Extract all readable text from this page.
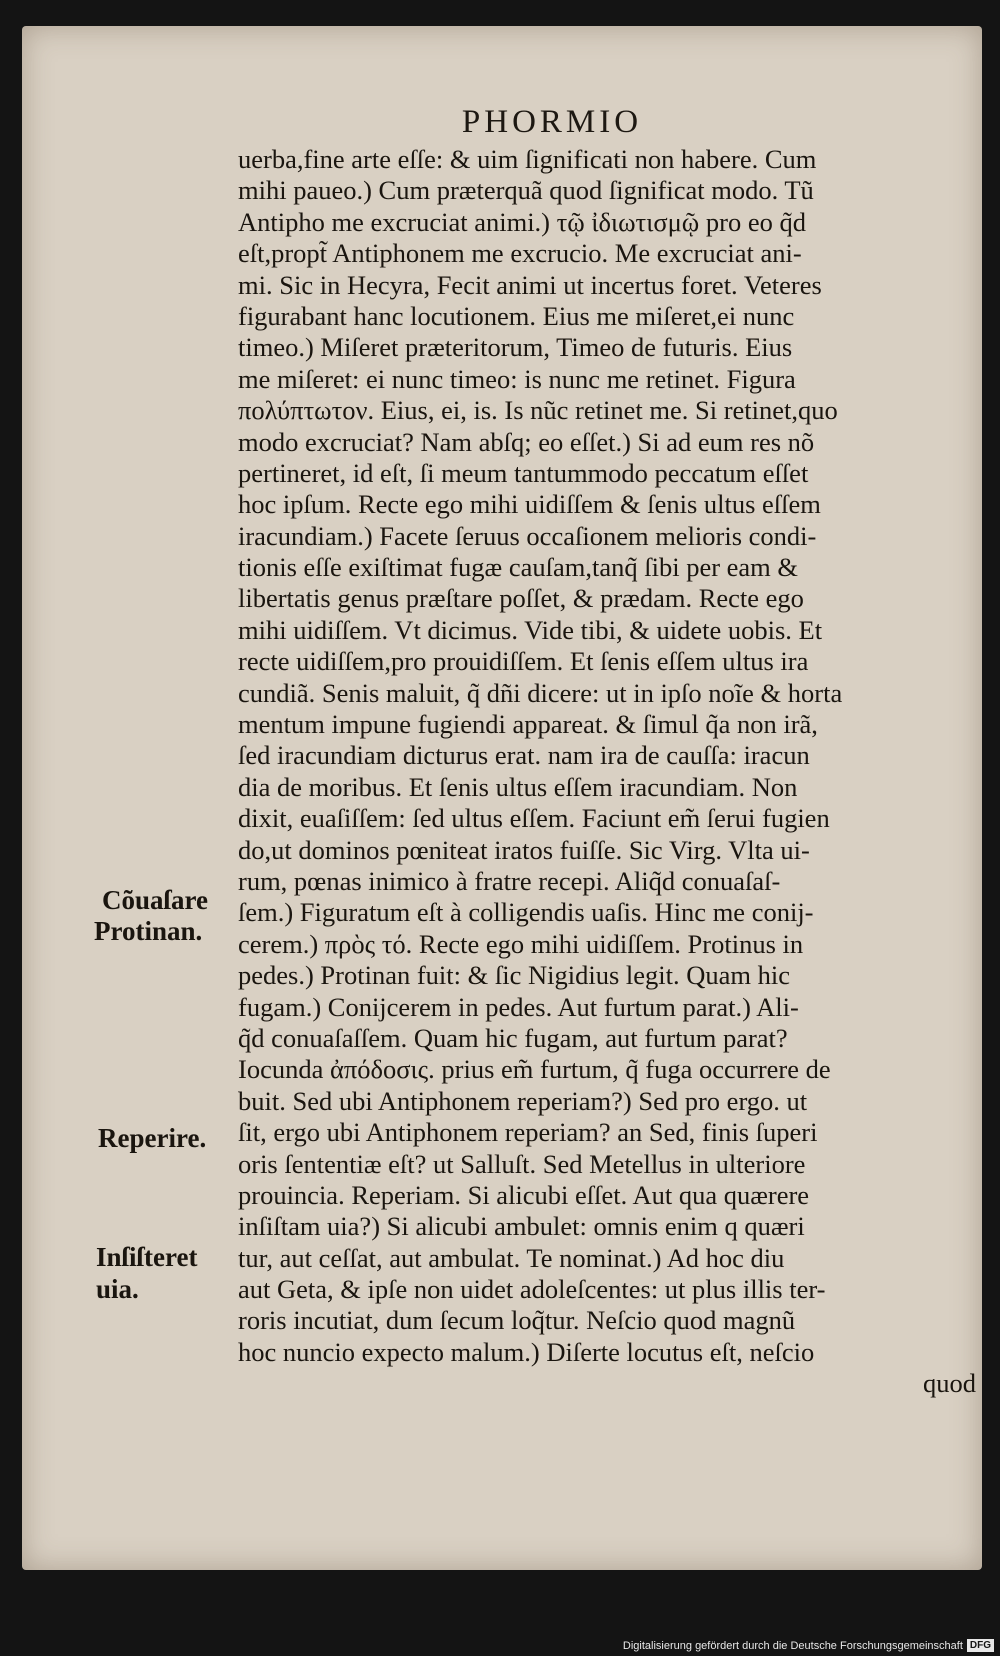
PHORMIO
uerba,fine arte eſſe: & uim ſignificati non habere. Cum
mihi paueo.) Cum præterquã quod ſignificat modo. Tũ
Antipho me excruciat animi.) τῷ ἰδιωτισμῷ pro eo q̃d
eſt,propt̃ Antiphonem me excrucio. Me excruciat ani-
mi. Sic in Hecyra, Fecit animi ut incertus foret. Veteres
figurabant hanc locutionem. Eius me miſeret,ei nunc
timeo.) Miſeret præteritorum, Timeo de futuris. Eius
me miſeret: ei nunc timeo: is nunc me retinet. Figura
πολύπτωτον. Eius, ei, is. Is nũc retinet me. Si retinet,quo
modo excruciat? Nam abſq; eo eſſet.) Si ad eum res nõ
pertineret, id eſt, ſi meum tantummodo peccatum eſſet
hoc ipſum. Recte ego mihi uidiſſem & ſenis ultus eſſem
iracundiam.) Facete ſeruus occaſionem melioris condi-
tionis eſſe exiſtimat fugæ cauſam,tanq̃ ſibi per eam &
libertatis genus præſtare poſſet, & prædam. Recte ego
mihi uidiſſem. Vt dicimus. Vide tibi, & uidete uobis. Et
recte uidiſſem,pro prouidiſſem. Et ſenis eſſem ultus ira
cundiã. Senis maluit, q̃ dñi dicere: ut in ipſo noĩe & horta
mentum impune fugiendi appareat. & ſimul q̃a non irã,
ſed iracundiam dicturus erat. nam ira de cauſſa: iracun
dia de moribus. Et ſenis ultus eſſem iracundiam. Non
dixit, euaſiſſem: ſed ultus eſſem. Faciunt em̃ ſerui fugien
do,ut dominos pœniteat iratos fuiſſe. Sic Virg. Vlta ui-
rum, pœnas inimico à fratre recepi. Aliq̃d conuaſaſ-
ſem.) Figuratum eſt à colligendis uaſis. Hinc me conij-
cerem.) πρὸς τό. Recte ego mihi uidiſſem. Protinus in
pedes.) Protinan fuit: & ſic Nigidius legit. Quam hic
fugam.) Conijcerem in pedes. Aut furtum parat.) Ali-
q̃d conuaſaſſem. Quam hic fugam, aut furtum parat?
Iocunda ἀπόδοσις. prius em̃ furtum, q̃ fuga occurrere de
buit. Sed ubi Antiphonem reperiam?) Sed pro ergo. ut
ſit, ergo ubi Antiphonem reperiam? an Sed, finis ſuperi
oris ſententiæ eſt? ut Salluſt. Sed Metellus in ulteriore
prouincia. Reperiam. Si alicubi eſſet. Aut qua quærere
inſiſtam uia?) Si alicubi ambulet: omnis enim q quæri
tur, aut ceſſat, aut ambulat. Te nominat.) Ad hoc diu
aut Geta, & ipſe non uidet adoleſcentes: ut plus illis ter-
roris incutiat, dum ſecum loq̃tur. Neſcio quod magnũ
hoc nuncio expecto malum.) Diſerte locutus eſt, neſcio
quod
Cõuaſare
Protinan.
Reperire.
Inſiſteret
uia.
Digitalisierung gefördert durch die Deutsche Forschungsgemeinschaft DFG
